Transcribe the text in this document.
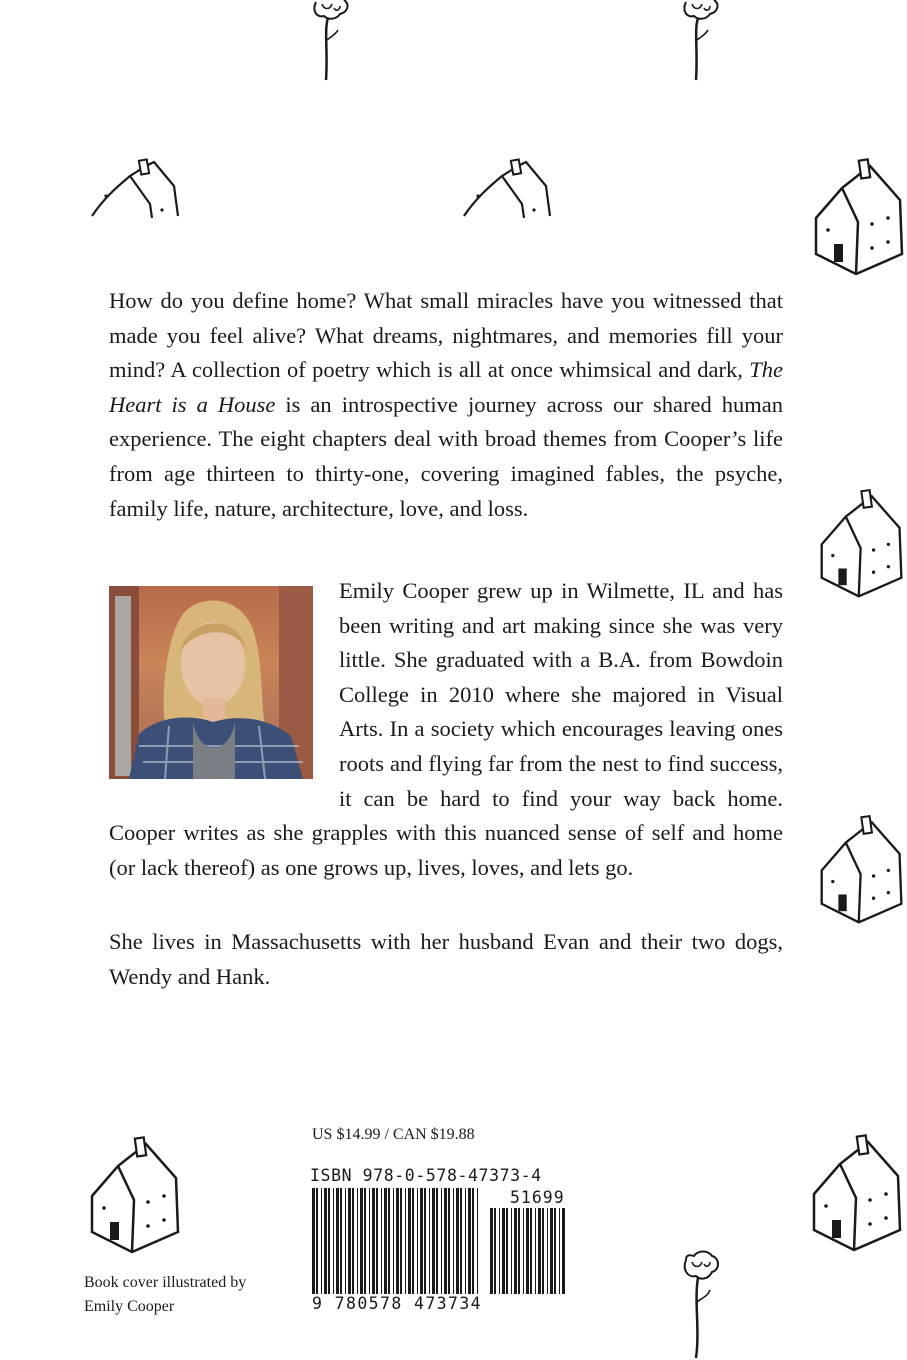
How do you define home? What small miracles have you witnessed that made you feel alive? What dreams, nightmares, and memories fill your mind? A collection of poetry which is all at once whimsical and dark, The Heart is a House is an introspective journey across our shared human experience. The eight chapters deal with broad themes from Cooper’s life from age thirteen to thirty-one, covering imagined fables, the psyche, family life, nature, architecture, love, and loss.

Emily Cooper grew up in Wilmette, IL and has been writing and art making since she was very little. She graduated with a B.A. from Bowdoin College in 2010 where she majored in Visual Arts. In a society which encourages leaving ones roots and flying far from the nest to find success, it can be hard to find your way back home. Cooper writes as she grapples with this nuanced sense of self and home (or lack thereof) as one grows up, lives, loves, and lets go.

She lives in Massachusetts with her husband Evan and their two dogs, Wendy and Hank.

US $14.99 / CAN $19.88

ISBN 978-0-578-47373-4

51699

9 780578 473734

Book cover illustrated by
Emily Cooper
